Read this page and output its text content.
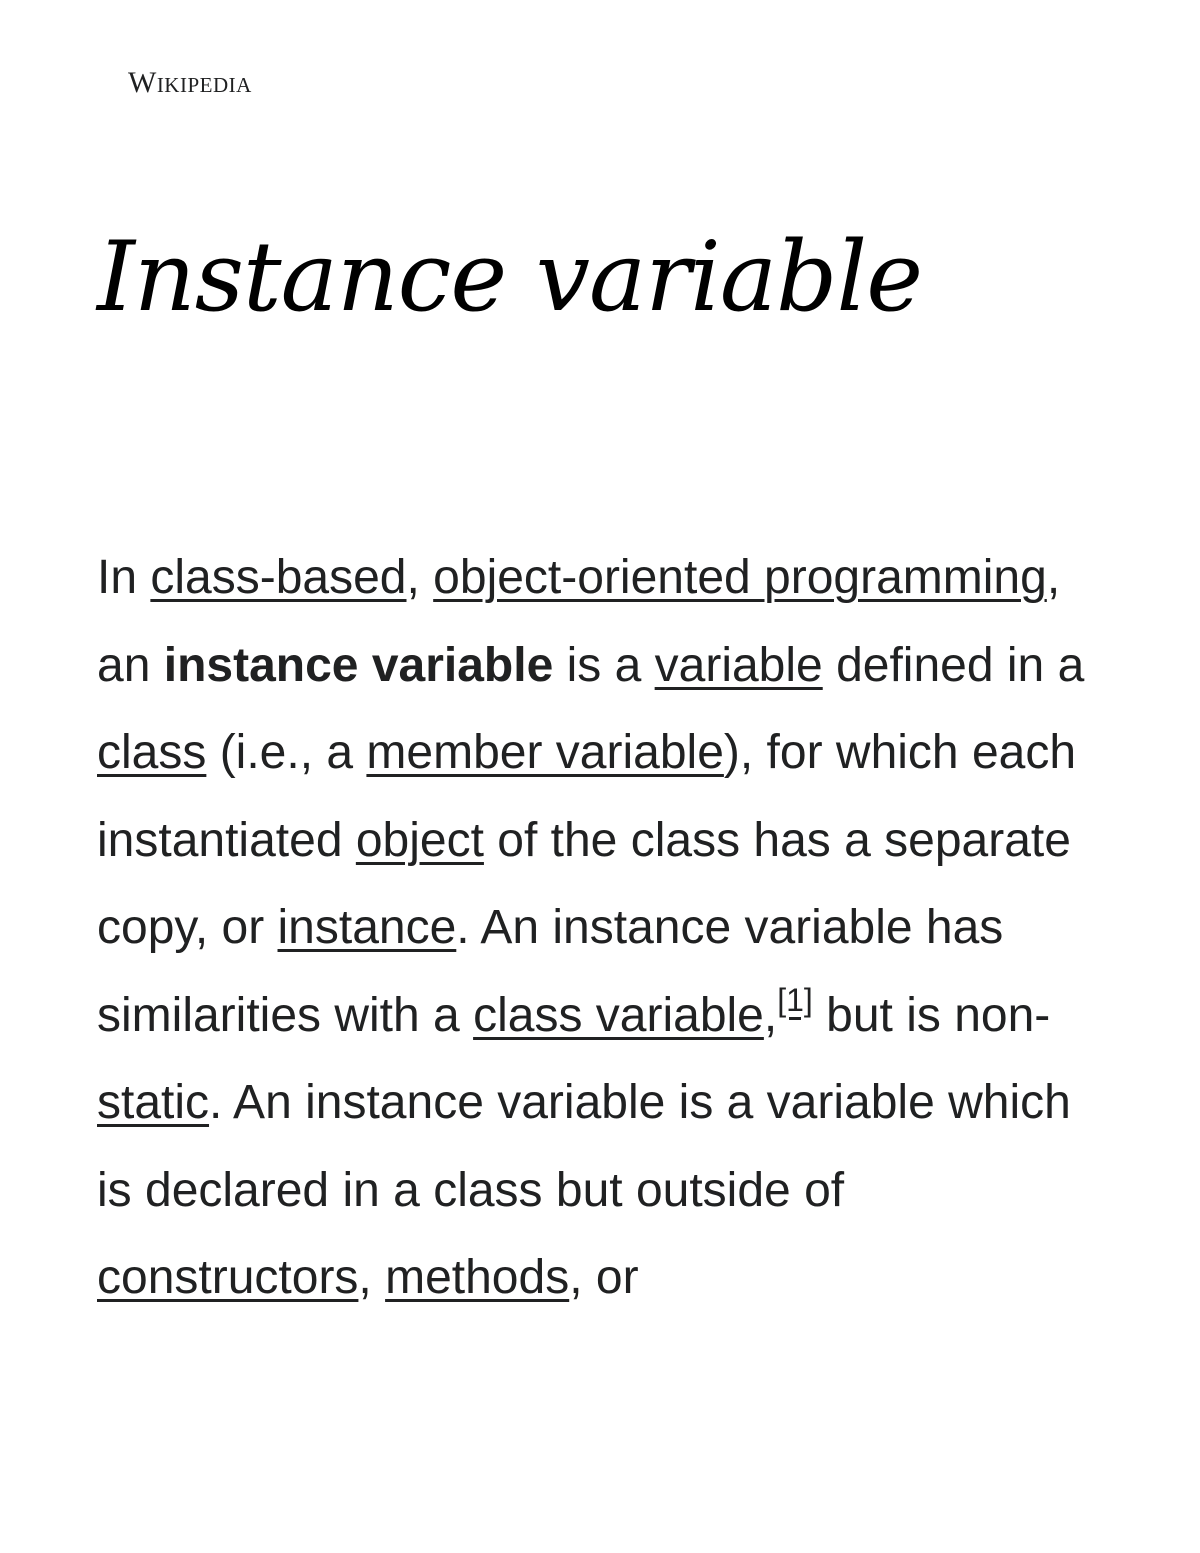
Wikipedia
Instance variable

In class-based, object-oriented programming, an instance variable is a variable defined in a class (i.e., a member variable), for which each instantiated object of the class has a separate copy, or instance. An instance variable has similarities with a class variable,[1] but is non-static. An instance variable is a variable which is declared in a class but outside of constructors, methods, or
